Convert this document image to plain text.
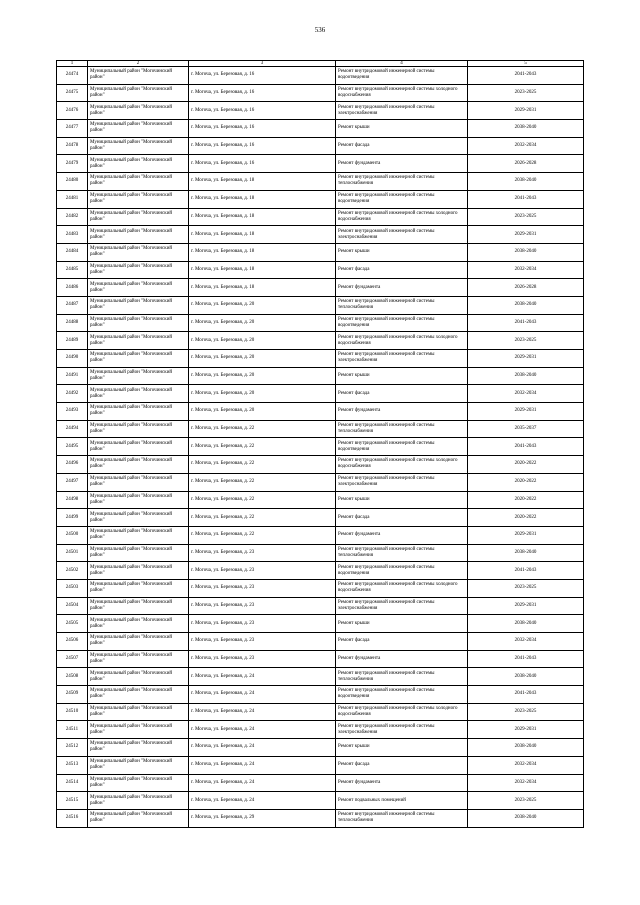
536
1	2	3	4	5
24474	Муниципальный район "Могочинский район"	г. Могоча, ул. Березовая, д. 16	Ремонт внутридомовой инженерной системы водоотведения	2041-2043
24475	Муниципальный район "Могочинский район"	г. Могоча, ул. Березовая, д. 16	Ремонт внутридомовой инженерной системы холодного водоснабжения	2023-2025
24476	Муниципальный район "Могочинский район"	г. Могоча, ул. Березовая, д. 16	Ремонт внутридомовой инженерной системы электроснабжения	2029-2031
24477	Муниципальный район "Могочинский район"	г. Могоча, ул. Березовая, д. 16	Ремонт крыши	2038-2040
24478	Муниципальный район "Могочинский район"	г. Могоча, ул. Березовая, д. 16	Ремонт фасада	2032-2034
24479	Муниципальный район "Могочинский район"	г. Могоча, ул. Березовая, д. 16	Ремонт фундамента	2026-2028
24480	Муниципальный район "Могочинский район"	г. Могоча, ул. Березовая, д. 18	Ремонт внутридомовой инженерной системы теплоснабжения	2038-2040
24481	Муниципальный район "Могочинский район"	г. Могоча, ул. Березовая, д. 18	Ремонт внутридомовой инженерной системы водоотведения	2041-2043
24482	Муниципальный район "Могочинский район"	г. Могоча, ул. Березовая, д. 18	Ремонт внутридомовой инженерной системы холодного водоснабжения	2023-2025
24483	Муниципальный район "Могочинский район"	г. Могоча, ул. Березовая, д. 18	Ремонт внутридомовой инженерной системы электроснабжения	2029-2031
24484	Муниципальный район "Могочинский район"	г. Могоча, ул. Березовая, д. 18	Ремонт крыши	2038-2040
24485	Муниципальный район "Могочинский район"	г. Могоча, ул. Березовая, д. 18	Ремонт фасада	2032-2034
24486	Муниципальный район "Могочинский район"	г. Могоча, ул. Березовая, д. 18	Ремонт фундамента	2026-2028
24487	Муниципальный район "Могочинский район"	г. Могоча, ул. Березовая, д. 20	Ремонт внутридомовой инженерной системы теплоснабжения	2038-2040
24488	Муниципальный район "Могочинский район"	г. Могоча, ул. Березовая, д. 20	Ремонт внутридомовой инженерной системы водоотведения	2041-2043
24489	Муниципальный район "Могочинский район"	г. Могоча, ул. Березовая, д. 20	Ремонт внутридомовой инженерной системы холодного водоснабжения	2023-2025
24490	Муниципальный район "Могочинский район"	г. Могоча, ул. Березовая, д. 20	Ремонт внутридомовой инженерной системы электроснабжения	2029-2031
24491	Муниципальный район "Могочинский район"	г. Могоча, ул. Березовая, д. 20	Ремонт крыши	2038-2040
24492	Муниципальный район "Могочинский район"	г. Могоча, ул. Березовая, д. 20	Ремонт фасада	2032-2034
24493	Муниципальный район "Могочинский район"	г. Могоча, ул. Березовая, д. 20	Ремонт фундамента	2029-2031
24494	Муниципальный район "Могочинский район"	г. Могоча, ул. Березовая, д. 22	Ремонт внутридомовой инженерной системы теплоснабжения	2035-2037
24495	Муниципальный район "Могочинский район"	г. Могоча, ул. Березовая, д. 22	Ремонт внутридомовой инженерной системы водоотведения	2041-2043
24496	Муниципальный район "Могочинский район"	г. Могоча, ул. Березовая, д. 22	Ремонт внутридомовой инженерной системы холодного водоснабжения	2020-2022
24497	Муниципальный район "Могочинский район"	г. Могоча, ул. Березовая, д. 22	Ремонт внутридомовой инженерной системы электроснабжения	2020-2022
24498	Муниципальный район "Могочинский район"	г. Могоча, ул. Березовая, д. 22	Ремонт крыши	2020-2022
24499	Муниципальный район "Могочинский район"	г. Могоча, ул. Березовая, д. 22	Ремонт фасада	2020-2022
24500	Муниципальный район "Могочинский район"	г. Могоча, ул. Березовая, д. 22	Ремонт фундамента	2029-2031
24501	Муниципальный район "Могочинский район"	г. Могоча, ул. Березовая, д. 23	Ремонт внутридомовой инженерной системы теплоснабжения	2038-2040
24502	Муниципальный район "Могочинский район"	г. Могоча, ул. Березовая, д. 23	Ремонт внутридомовой инженерной системы водоотведения	2041-2043
24503	Муниципальный район "Могочинский район"	г. Могоча, ул. Березовая, д. 23	Ремонт внутридомовой инженерной системы холодного водоснабжения	2023-2025
24504	Муниципальный район "Могочинский район"	г. Могоча, ул. Березовая, д. 23	Ремонт внутридомовой инженерной системы электроснабжения	2029-2031
24505	Муниципальный район "Могочинский район"	г. Могоча, ул. Березовая, д. 23	Ремонт крыши	2038-2040
24506	Муниципальный район "Могочинский район"	г. Могоча, ул. Березовая, д. 23	Ремонт фасада	2032-2034
24507	Муниципальный район "Могочинский район"	г. Могоча, ул. Березовая, д. 23	Ремонт фундамента	2041-2043
24508	Муниципальный район "Могочинский район"	г. Могоча, ул. Березовая, д. 24	Ремонт внутридомовой инженерной системы теплоснабжения	2038-2040
24509	Муниципальный район "Могочинский район"	г. Могоча, ул. Березовая, д. 24	Ремонт внутридомовой инженерной системы водоотведения	2041-2043
24510	Муниципальный район "Могочинский район"	г. Могоча, ул. Березовая, д. 24	Ремонт внутридомовой инженерной системы холодного водоснабжения	2023-2025
24511	Муниципальный район "Могочинский район"	г. Могоча, ул. Березовая, д. 24	Ремонт внутридомовой инженерной системы электроснабжения	2029-2031
24512	Муниципальный район "Могочинский район"	г. Могоча, ул. Березовая, д. 24	Ремонт крыши	2038-2040
24513	Муниципальный район "Могочинский район"	г. Могоча, ул. Березовая, д. 24	Ремонт фасада	2032-2034
24514	Муниципальный район "Могочинский район"	г. Могоча, ул. Березовая, д. 24	Ремонт фундамента	2032-2034
24515	Муниципальный район "Могочинский район"	г. Могоча, ул. Березовая, д. 24	Ремонт подвальных помещений	2023-2025
24516	Муниципальный район "Могочинский район"	г. Могоча, ул. Березовая, д. 29	Ремонт внутридомовой инженерной системы теплоснабжения	2038-2040
